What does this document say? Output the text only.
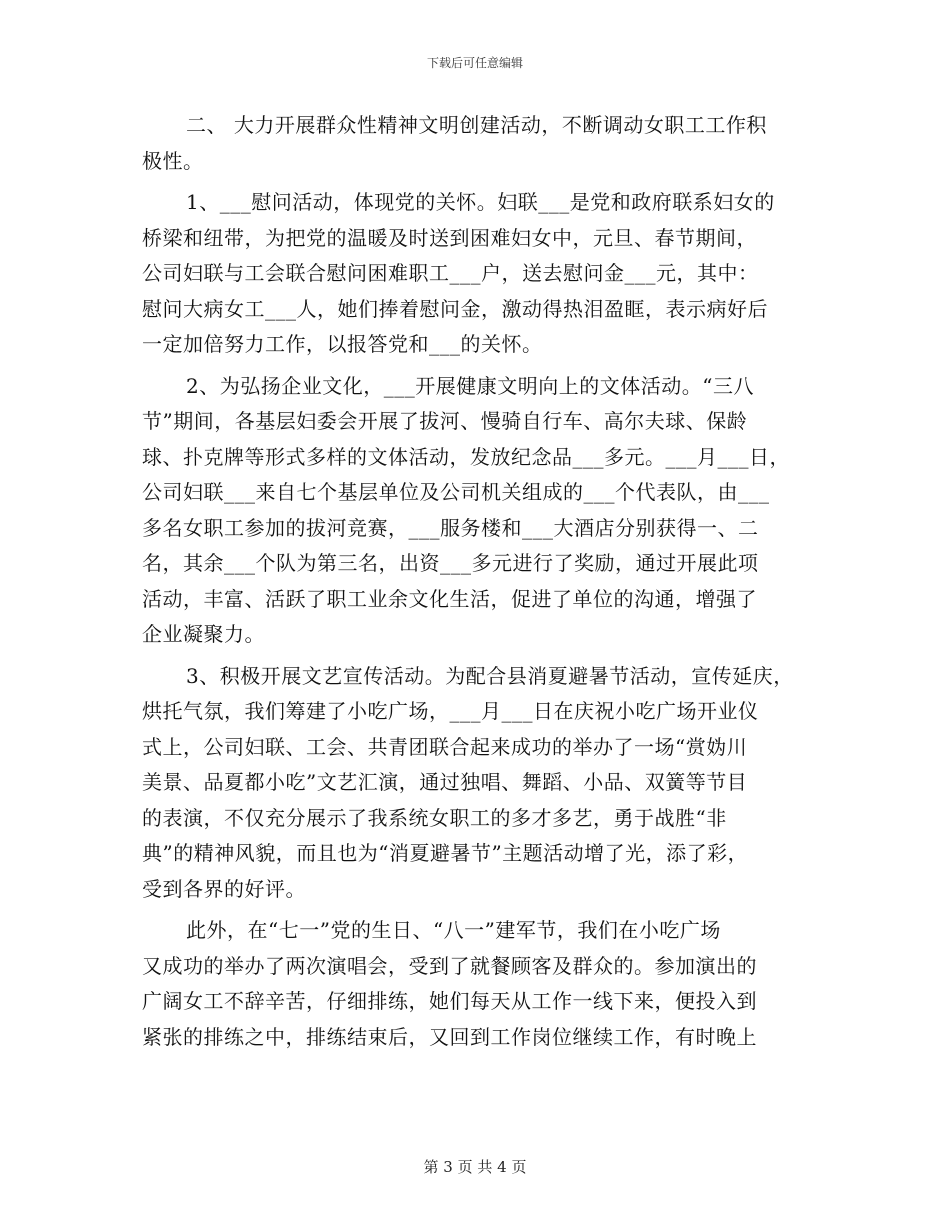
下载后可任意编辑
二、 大力开展群众性精神文明创建活动，不断调动女职工工作积
极性。
1、___慰问活动，体现党的关怀。妇联___是党和政府联系妇女的
桥梁和纽带，为把党的温暖及时送到困难妇女中，元旦、春节期间，
公司妇联与工会联合慰问困难职工___户，送去慰问金___元，其中：
慰问大病女工___人，她们捧着慰问金，激动得热泪盈眶，表示病好后
一定加倍努力工作，以报答党和___的关怀。
2、为弘扬企业文化，___开展健康文明向上的文体活动。“三八
节”期间，各基层妇委会开展了拔河、慢骑自行车、高尔夫球、保龄
球、扑克牌等形式多样的文体活动，发放纪念品___多元。___月___日，
公司妇联___来自七个基层单位及公司机关组成的___个代表队，由___
多名女职工参加的拔河竞赛，___服务楼和___大酒店分别获得一、二
名，其余___个队为第三名，出资___多元进行了奖励，通过开展此项
活动，丰富、活跃了职工业余文化生活，促进了单位的沟通，增强了
企业凝聚力。
3、积极开展文艺宣传活动。为配合县消夏避暑节活动，宣传延庆，
烘托气氛，我们筹建了小吃广场，___月___日在庆祝小吃广场开业仪
式上，公司妇联、工会、共青团联合起来成功的举办了一场“赏妫川
美景、品夏都小吃”文艺汇演，通过独唱、舞蹈、小品、双簧等节目
的表演，不仅充分展示了我系统女职工的多才多艺，勇于战胜“非
典”的精神风貌，而且也为“消夏避暑节”主题活动增了光，添了彩，
受到各界的好评。
此外，在“七一”党的生日、“八一”建军节，我们在小吃广场
又成功的举办了两次演唱会，受到了就餐顾客及群众的。参加演出的
广阔女工不辞辛苦，仔细排练，她们每天从工作一线下来，便投入到
紧张的排练之中，排练结束后，又回到工作岗位继续工作，有时晚上
第 3 页 共 4 页
